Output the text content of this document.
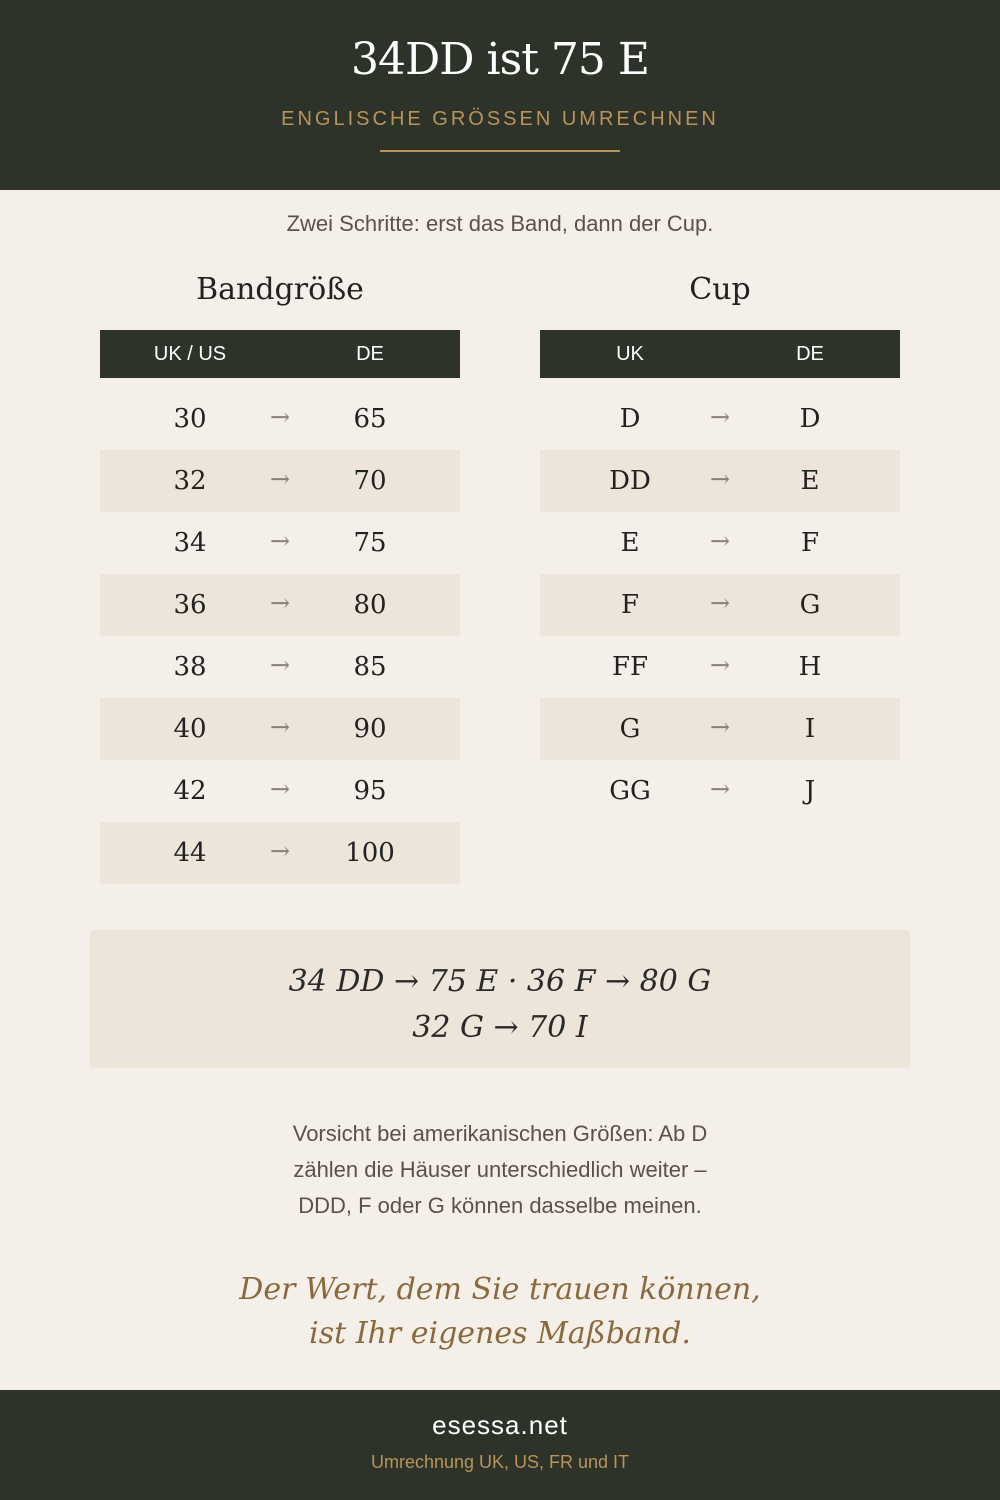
34DD ist 75 E
ENGLISCHE GRÖSSEN UMRECHNEN
Zwei Schritte: erst das Band, dann der Cup.
Bandgröße
UK / US	DE
30	→	65
32	→	70
34	→	75
36	→	80
38	→	85
40	→	90
42	→	95
44	→	100
Cup
UK	DE
D	→	D
DD	→	E
E	→	F
F	→	G
FF	→	H
G	→	I
GG	→	J
34 DD → 75 E · 36 F → 80 G
32 G → 70 I
Vorsicht bei amerikanischen Größen: Ab D zählen die Häuser unterschiedlich weiter – DDD, F oder G können dasselbe meinen.
Der Wert, dem Sie trauen können,
ist Ihr eigenes Maßband.
esessa.net
Umrechnung UK, US, FR und IT
